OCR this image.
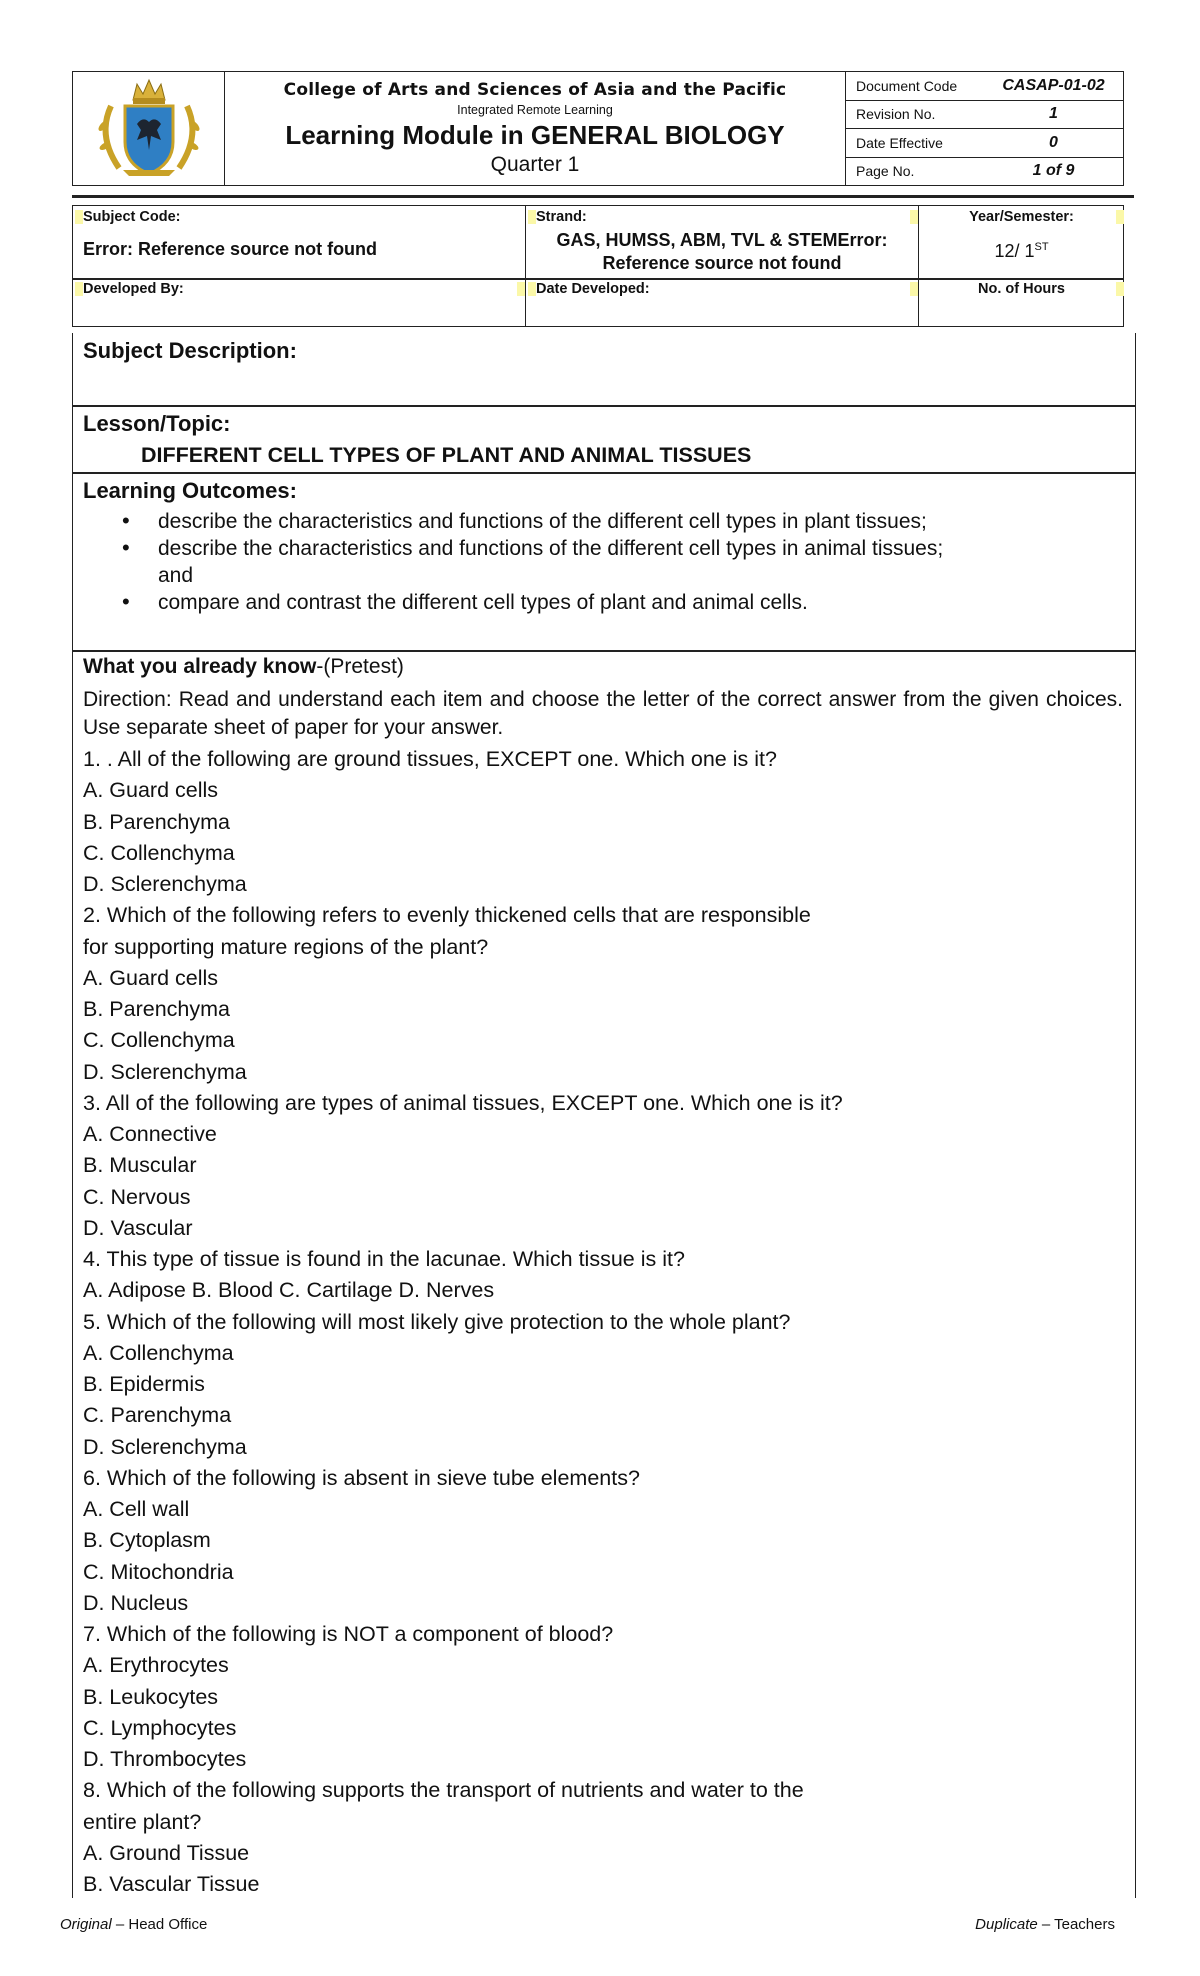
College of Arts and Sciences of Asia and the Pacific
Integrated Remote Learning
Learning Module in GENERAL BIOLOGY
Quarter 1
Document Code	CASAP-01-02
Revision No.	1
Date Effective	0
Page No.	1 of 9
Subject Code:
Error: Reference source not found
Developed By:
Strand:
GAS, HUMSS, ABM, TVL & STEMError:
Reference source not found
Date Developed:
Year/Semester:
12/ 1ST
No. of Hours
Subject Description:
Lesson/Topic:
DIFFERENT CELL TYPES OF PLANT AND ANIMAL TISSUES
Learning Outcomes:
• describe the characteristics and functions of the different cell types in plant tissues;
• describe the characteristics and functions of the different cell types in animal tissues; and
• compare and contrast the different cell types of plant and animal cells.
What you already know-(Pretest)
Direction: Read and understand each item and choose the letter of the correct answer from the given choices. Use separate sheet of paper for your answer.

1. . All of the following are ground tissues, EXCEPT one. Which one is it?

A. Guard cells

B. Parenchyma

C. Collenchyma

D. Sclerenchyma

2. Which of the following refers to evenly thickened cells that are responsible

for supporting mature regions of the plant?

A. Guard cells

B. Parenchyma

C. Collenchyma

D. Sclerenchyma

3. All of the following are types of animal tissues, EXCEPT one. Which one is it?

A. Connective

B. Muscular

C. Nervous

D. Vascular

4. This type of tissue is found in the lacunae. Which tissue is it?

A. Adipose B. Blood C. Cartilage D. Nerves

5. Which of the following will most likely give protection to the whole plant?

A. Collenchyma

B. Epidermis

C. Parenchyma

D. Sclerenchyma

6. Which of the following is absent in sieve tube elements?

A. Cell wall

B. Cytoplasm

C. Mitochondria

D. Nucleus

7. Which of the following is NOT a component of blood?

A. Erythrocytes

B. Leukocytes

C. Lymphocytes

D. Thrombocytes

8. Which of the following supports the transport of nutrients and water to the

entire plant?

A. Ground Tissue

B. Vascular Tissue

Original – Head Office	Duplicate – Teachers
